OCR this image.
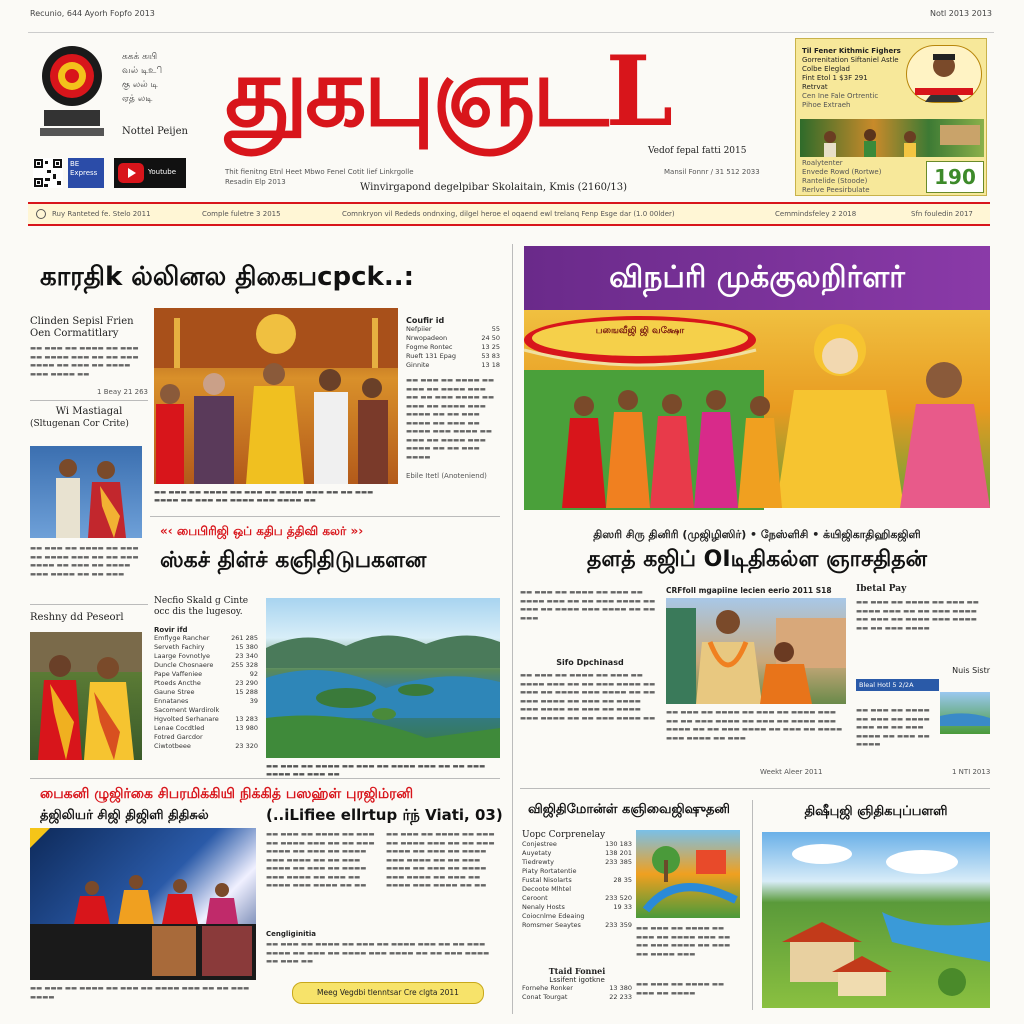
Recunio, 644 Ayorh Fopfo 2013	Notl 2013 2013
ககக் கயி
வல் டிஉி
கு லல் டி
ஏத் லடி
Nottel Peijen
BE
Express	Youtube
துகபுஞடL
Vedof fepal fatti 2015
Thit fienitng Etnl Heet Mbwo Fenel Cotit lief Linkrgolle
Resadin Elp 2013
Mansil Fonnr / 31 512 2033
Winvirgapond degelpibar Skolaitain, Kmis (2160/13)
Til Fener Kithmic Fighers
Gorrenitation Siftaniel Astle
Colbe Eleglad
Fint Etol 1 $3F 291
Retrvat
Cen Ine Fale Ortrentic
Pihoe Extraeh
Roalytenter
Envede Rowd (Rortwe)
Rantelide (Stoode)
Rerlve Peesirbulate
190
Ruy Ranteted fe. Stelo 2011	Comple fuletre 3 2015	Comnkryon vil Rededs ondnxing, dilgel heroe el oqaend ewl trelanq Fenp Esge dar (1.0 00lder)	Cemmindsfeley 2 2018	Sfn fouledin 2017
காரதிk ல்லினல திகைபcpck..:
Clinden Sepisl Frien Oen Cormatitlary
▬▬ ▬▬▬ ▬▬ ▬▬▬▬ ▬▬ ▬▬▬ ▬▬ ▬▬▬▬ ▬▬▬ ▬▬ ▬▬ ▬▬▬ ▬▬▬▬ ▬▬ ▬▬▬ ▬▬ ▬▬▬▬ ▬▬▬ ▬▬▬▬ ▬▬
1 Beay 21 263
Wi Mastiagal
(Sltugenan Cor Crite)
▬▬ ▬▬▬ ▬▬ ▬▬▬▬ ▬▬ ▬▬▬ ▬▬ ▬▬▬▬ ▬▬▬ ▬▬ ▬▬ ▬▬▬ ▬▬▬▬ ▬▬ ▬▬▬ ▬▬ ▬▬▬▬ ▬▬▬ ▬▬▬▬ ▬▬ ▬▬ ▬▬▬
▬▬ ▬▬▬ ▬▬ ▬▬▬▬ ▬▬ ▬▬▬ ▬▬ ▬▬▬▬ ▬▬▬ ▬▬ ▬▬ ▬▬▬ ▬▬▬▬ ▬▬ ▬▬▬ ▬▬ ▬▬▬▬ ▬▬▬ ▬▬▬▬ ▬▬
Coufir id
Nefpiier	55
Nrwopadeon	24 50
Fogme Rontec	13 25
Rueft 131 Epag	53 83
Ginnite	13 18
▬▬ ▬▬▬ ▬▬ ▬▬▬▬ ▬▬ ▬▬▬ ▬▬ ▬▬▬▬ ▬▬▬ ▬▬ ▬▬ ▬▬▬ ▬▬▬▬ ▬▬ ▬▬▬ ▬▬ ▬▬▬▬ ▬▬▬ ▬▬▬▬ ▬▬ ▬▬ ▬▬▬ ▬▬▬▬ ▬▬ ▬▬▬ ▬▬ ▬▬▬▬ ▬▬▬ ▬▬▬▬ ▬▬ ▬▬▬ ▬▬ ▬▬▬▬ ▬▬▬ ▬▬▬▬ ▬▬ ▬▬ ▬▬▬ ▬▬▬▬
Ebile Itetl (Anoteniend)
«‹ பைபிரிஜி ஒப் கதிப த்திவி கலர் »›
ஸ்கச் திள்ச் கஞிதிடுபகளன
Reshny dd Peseorl
Necfio Skald g Cinte occ dis the lugesoy.
Rovir ifd
Emflyge Rancher	261 285
Serveth Fachiry	15 380
Laarge Fovnotlye	23 340
Duncle Chosnaere	255 328
Pape Vaffeniee	92
Ptoeds Ancthe	23 290
Gaune Stree	15 288
Ennatanes	39
Sacoment Wardirolk
Hgvolted Serhanare	13 283
Lenae Cocdtled	13 980
Fotred Garcdor
Ciwtotbeee	23 320
▬▬ ▬▬▬ ▬▬ ▬▬▬▬ ▬▬ ▬▬▬ ▬▬ ▬▬▬▬ ▬▬▬ ▬▬ ▬▬ ▬▬▬ ▬▬▬▬ ▬▬ ▬▬▬ ▬▬
பைகனி ழுஜிர்கை சிபரமிக்கியி நிக்கித் பஸஹ்ள் புரஜிம்ரனி
த்ஜிலியர் சிஜி திஜிளி திதிசுல்	(..iLifiee ellrtup ர்ந் Viati, 03)
▬▬ ▬▬▬ ▬▬ ▬▬▬▬ ▬▬ ▬▬▬ ▬▬ ▬▬▬▬ ▬▬▬ ▬▬ ▬▬ ▬▬▬ ▬▬▬▬ ▬▬ ▬▬▬ ▬▬ ▬▬▬▬ ▬▬▬ ▬▬▬▬ ▬▬ ▬▬ ▬▬▬ ▬▬▬▬ ▬▬ ▬▬▬ ▬▬ ▬▬▬▬ ▬▬▬ ▬▬▬▬ ▬▬ ▬▬▬ ▬▬ ▬▬▬▬ ▬▬▬ ▬▬▬▬ ▬▬ ▬▬
▬▬ ▬▬▬ ▬▬ ▬▬▬▬ ▬▬ ▬▬▬ ▬▬ ▬▬▬▬ ▬▬▬ ▬▬ ▬▬ ▬▬▬ ▬▬▬▬ ▬▬ ▬▬▬ ▬▬ ▬▬▬▬ ▬▬▬ ▬▬▬▬ ▬▬ ▬▬ ▬▬▬ ▬▬▬▬ ▬▬ ▬▬▬ ▬▬ ▬▬▬▬ ▬▬▬ ▬▬▬▬ ▬▬ ▬▬▬ ▬▬ ▬▬▬▬ ▬▬▬ ▬▬▬▬ ▬▬ ▬▬
Cengliginitia
▬▬ ▬▬▬ ▬▬ ▬▬▬▬ ▬▬ ▬▬▬ ▬▬ ▬▬▬▬ ▬▬▬ ▬▬ ▬▬ ▬▬▬ ▬▬▬▬ ▬▬ ▬▬▬ ▬▬ ▬▬▬▬ ▬▬▬ ▬▬▬▬ ▬▬ ▬▬ ▬▬▬ ▬▬▬▬ ▬▬ ▬▬▬ ▬▬
▬▬ ▬▬▬ ▬▬ ▬▬▬▬ ▬▬ ▬▬▬ ▬▬ ▬▬▬▬ ▬▬▬ ▬▬ ▬▬ ▬▬▬ ▬▬▬▬	Meeg Vegdbi tlenntsar Cre clgta 2011
விநப்ரி முக்குலறிர்ளர்
பஙைவீஜி ஜி வக்ஷோ
திஸரி சிரு தினிரி (முஜிழிஸிர்) • நேஸ்ளிசி • க்யிஜிகாதிஹிகஜிளி
தளத் கஜிப் OIடிதிகல்ள ஞாசதிதன்
▬▬ ▬▬▬ ▬▬ ▬▬▬▬ ▬▬ ▬▬▬ ▬▬ ▬▬▬▬ ▬▬▬ ▬▬ ▬▬ ▬▬▬ ▬▬▬▬ ▬▬ ▬▬▬ ▬▬ ▬▬▬▬ ▬▬▬ ▬▬▬▬ ▬▬ ▬▬ ▬▬▬
Sifo Dpchinasd
▬▬ ▬▬▬ ▬▬ ▬▬▬▬ ▬▬ ▬▬▬ ▬▬ ▬▬▬▬ ▬▬▬ ▬▬ ▬▬ ▬▬▬ ▬▬▬▬ ▬▬ ▬▬▬ ▬▬ ▬▬▬▬ ▬▬▬ ▬▬▬▬ ▬▬ ▬▬ ▬▬▬ ▬▬▬▬ ▬▬ ▬▬▬ ▬▬ ▬▬▬▬ ▬▬▬ ▬▬▬▬ ▬▬ ▬▬▬ ▬▬ ▬▬▬▬ ▬▬▬ ▬▬▬▬ ▬▬ ▬▬ ▬▬▬ ▬▬▬▬ ▬▬
CRFfoll mgapiine lecien eerio 2011 S18
▬▬ ▬▬▬ ▬▬ ▬▬▬▬ ▬▬ ▬▬▬ ▬▬ ▬▬▬▬ ▬▬▬ ▬▬ ▬▬ ▬▬▬ ▬▬▬▬ ▬▬ ▬▬▬ ▬▬ ▬▬▬▬ ▬▬▬ ▬▬▬▬ ▬▬ ▬▬ ▬▬▬ ▬▬▬▬ ▬▬ ▬▬▬ ▬▬ ▬▬▬▬ ▬▬▬ ▬▬▬▬ ▬▬ ▬▬▬
Weekt Aleer 2011
Ibetal Pay
▬▬ ▬▬▬ ▬▬ ▬▬▬▬ ▬▬ ▬▬▬ ▬▬ ▬▬▬▬ ▬▬▬ ▬▬ ▬▬ ▬▬▬ ▬▬▬▬ ▬▬ ▬▬▬ ▬▬ ▬▬▬▬ ▬▬▬ ▬▬▬▬ ▬▬ ▬▬ ▬▬▬ ▬▬▬▬
Nuis Sistr
Bleal Hotl 5 2/2A
▬▬ ▬▬▬ ▬▬ ▬▬▬▬ ▬▬ ▬▬▬ ▬▬ ▬▬▬▬ ▬▬▬ ▬▬ ▬▬ ▬▬▬ ▬▬▬▬ ▬▬ ▬▬▬ ▬▬ ▬▬▬▬
1 NTI 2013
விஜிதிமோன்ள் கஞிவைஜிஷுதனி
Uopc Corprenelay
Conjestree	130 183
Auyetaty	138 201
Tiedrewty	233 385
Piaty Rortatentie
Fustal Nisolarts	28 35
Decoote Mlhtel
Ceroont	233 520
Nenaly Hosts	19 33
Coiocnlme Edeaing
Romsmer Seaytes	233 359 ▬▬ ▬▬▬ ▬▬ ▬▬▬▬ ▬▬ ▬▬▬ ▬▬ ▬▬▬▬ ▬▬▬ ▬▬ ▬▬ ▬▬▬ ▬▬▬▬ ▬▬ ▬▬▬ ▬▬ ▬▬▬▬ ▬▬▬
Ttaid Fonnei
Lssifent igotkne
Fornehe Ronker	13 380
Conat Tourgat	22 233
▬▬ ▬▬▬ ▬▬ ▬▬▬▬ ▬▬ ▬▬▬ ▬▬ ▬▬▬▬
திஷீபுஜி ஞிதிகபுப்பளளி
